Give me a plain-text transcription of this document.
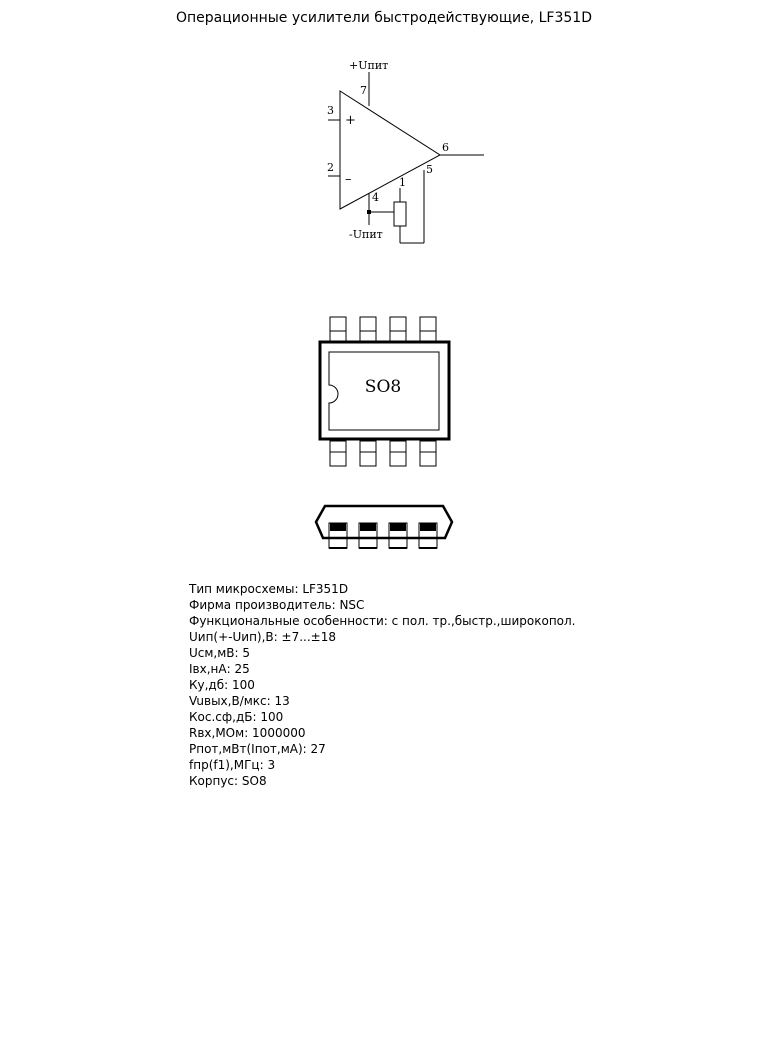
Операционные усилители быстродействующие, LF351D
+Uпит
-Uпит
7
3
2
6
4
1
5
+
–
SO8
Тип микросхемы: LF351D
Фирма производитель: NSC
Функциональные особенности: с пол. тр.,быстр.,широкопол.
Uип(+-Uип),В: ±7...±18
Uсм,мВ: 5
Iвх,нА: 25
Ку,дб: 100
Vuвых,В/мкс: 13
Кос.сф,дБ: 100
Rвх,МОм: 1000000
Pпот,мВт(Iпот,мА): 27
fпр(f1),МГц: 3
Корпус: SO8
